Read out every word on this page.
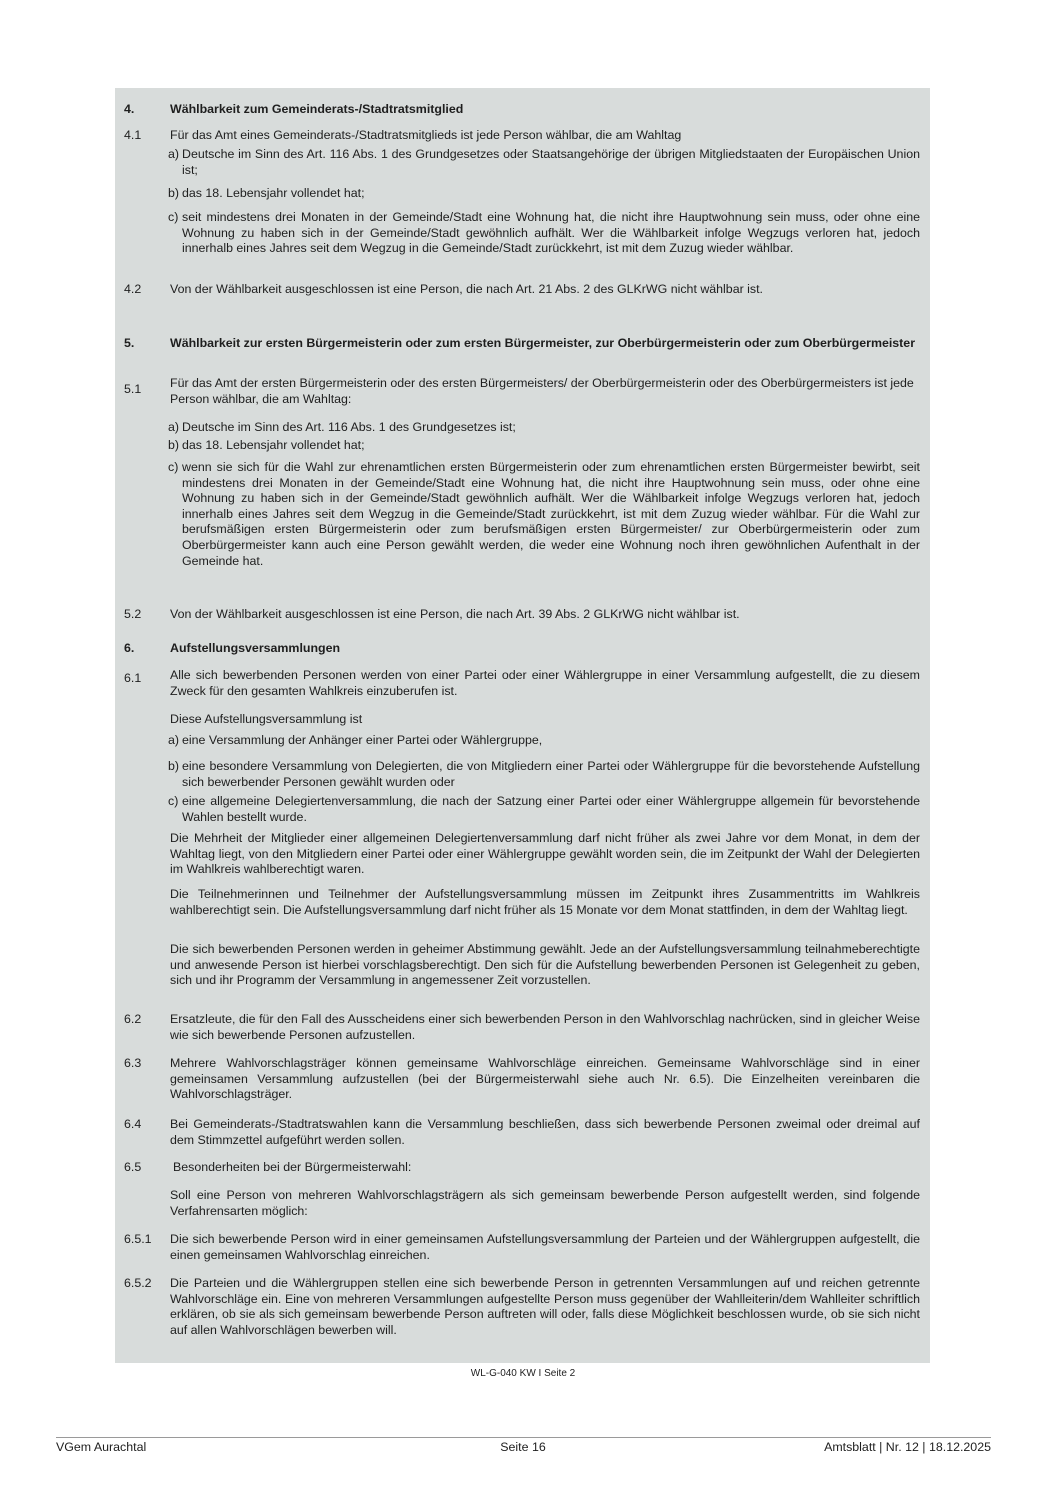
4.	Wählbarkeit zum Gemeinderats-/Stadtratsmitglied
4.1	Für das Amt eines Gemeinderats-/Stadtratsmitglieds ist jede Person wählbar, die am Wahltag
a) Deutsche im Sinn des Art. 116 Abs. 1 des Grundgesetzes oder Staatsangehörige der übrigen Mitgliedstaaten der Europäischen Union ist;
b) das 18. Lebensjahr vollendet hat;
c) seit mindestens drei Monaten in der Gemeinde/Stadt eine Wohnung hat, die nicht ihre Hauptwohnung sein muss, oder ohne eine Wohnung zu haben sich in der Gemeinde/Stadt gewöhnlich aufhält. Wer die Wählbarkeit infolge Wegzugs verloren hat, jedoch innerhalb eines Jahres seit dem Wegzug in die Gemeinde/Stadt zurückkehrt, ist mit dem Zuzug wieder wählbar.
4.2	Von der Wählbarkeit ausgeschlossen ist eine Person, die nach Art. 21 Abs. 2 des GLKrWG nicht wählbar ist.
5.	Wählbarkeit zur ersten Bürgermeisterin oder zum ersten Bürgermeister, zur Oberbürgermeisterin oder zum Oberbürgermeister
5.1	Für das Amt der ersten Bürgermeisterin oder des ersten Bürgermeisters/ der Oberbürgermeisterin oder des Oberbürgermeisters ist jede Person wählbar, die am Wahltag:
a) Deutsche im Sinn des Art. 116 Abs. 1 des Grundgesetzes ist;
b) das 18. Lebensjahr vollendet hat;
c) wenn sie sich für die Wahl zur ehrenamtlichen ersten Bürgermeisterin oder zum ehrenamtlichen ersten Bürgermeister bewirbt, seit mindestens drei Monaten in der Gemeinde/Stadt eine Wohnung hat, die nicht ihre Hauptwohnung sein muss, oder ohne eine Wohnung zu haben sich in der Gemeinde/Stadt gewöhnlich aufhält. Wer die Wählbarkeit infolge Wegzugs verloren hat, jedoch innerhalb eines Jahres seit dem Wegzug in die Gemeinde/Stadt zurückkehrt, ist mit dem Zuzug wieder wählbar. Für die Wahl zur berufsmäßigen ersten Bürgermeisterin oder zum berufsmäßigen ersten Bürgermeister/ zur Oberbürgermeisterin oder zum Oberbürgermeister kann auch eine Person gewählt werden, die weder eine Wohnung noch ihren gewöhnlichen Aufenthalt in der Gemeinde hat.
5.2	Von der Wählbarkeit ausgeschlossen ist eine Person, die nach Art. 39 Abs. 2 GLKrWG nicht wählbar ist.
6.	Aufstellungsversammlungen
6.1	Alle sich bewerbenden Personen werden von einer Partei oder einer Wählergruppe in einer Versammlung aufgestellt, die zu diesem Zweck für den gesamten Wahlkreis einzuberufen ist.
Diese Aufstellungsversammlung ist
a) eine Versammlung der Anhänger einer Partei oder Wählergruppe,
b) eine besondere Versammlung von Delegierten, die von Mitgliedern einer Partei oder Wählergruppe für die bevorstehende Aufstellung sich bewerbender Personen gewählt wurden oder
c) eine allgemeine Delegiertenversammlung, die nach der Satzung einer Partei oder einer Wählergruppe allgemein für bevorstehende Wahlen bestellt wurde.
Die Mehrheit der Mitglieder einer allgemeinen Delegiertenversammlung darf nicht früher als zwei Jahre vor dem Monat, in dem der Wahltag liegt, von den Mitgliedern einer Partei oder einer Wählergruppe gewählt worden sein, die im Zeitpunkt der Wahl der Delegierten im Wahlkreis wahlberechtigt waren.
Die Teilnehmerinnen und Teilnehmer der Aufstellungsversammlung müssen im Zeitpunkt ihres Zusammentritts im Wahlkreis wahlberechtigt sein. Die Aufstellungsversammlung darf nicht früher als 15 Monate vor dem Monat stattfinden, in dem der Wahltag liegt.
Die sich bewerbenden Personen werden in geheimer Abstimmung gewählt. Jede an der Aufstellungsversammlung teilnahmeberechtigte und anwesende Person ist hierbei vorschlagsberechtigt. Den sich für die Aufstellung bewerbenden Personen ist Gelegenheit zu geben, sich und ihr Programm der Versammlung in angemessener Zeit vorzustellen.
6.2	Ersatzleute, die für den Fall des Ausscheidens einer sich bewerbenden Person in den Wahlvorschlag nachrücken, sind in gleicher Weise wie sich bewerbende Personen aufzustellen.
6.3	Mehrere Wahlvorschlagsträger können gemeinsame Wahlvorschläge einreichen. Gemeinsame Wahlvorschläge sind in einer gemeinsamen Versammlung aufzustellen (bei der Bürgermeisterwahl siehe auch Nr. 6.5). Die Einzelheiten vereinbaren die Wahlvorschlagsträger.
6.4	Bei Gemeinderats-/Stadtratswahlen kann die Versammlung beschließen, dass sich bewerbende Personen zweimal oder dreimal auf dem Stimmzettel aufgeführt werden sollen.
6.5	Besonderheiten bei der Bürgermeisterwahl:
Soll eine Person von mehreren Wahlvorschlagsträgern als sich gemeinsam bewerbende Person aufgestellt werden, sind folgende Verfahrensarten möglich:
6.5.1	Die sich bewerbende Person wird in einer gemeinsamen Aufstellungsversammlung der Parteien und der Wählergruppen aufgestellt, die einen gemeinsamen Wahlvorschlag einreichen.
6.5.2	Die Parteien und die Wählergruppen stellen eine sich bewerbende Person in getrennten Versammlungen auf und reichen getrennte Wahlvorschläge ein. Eine von mehreren Versammlungen aufgestellte Person muss gegenüber der Wahlleiterin/dem Wahlleiter schriftlich erklären, ob sie als sich gemeinsam bewerbende Person auftreten will oder, falls diese Möglichkeit beschlossen wurde, ob sie sich nicht auf allen Wahlvorschlägen bewerben will.
WL-G-040 KW I Seite 2
VGem Aurachtal	Seite 16	Amtsblatt | Nr. 12 | 18.12.2025
